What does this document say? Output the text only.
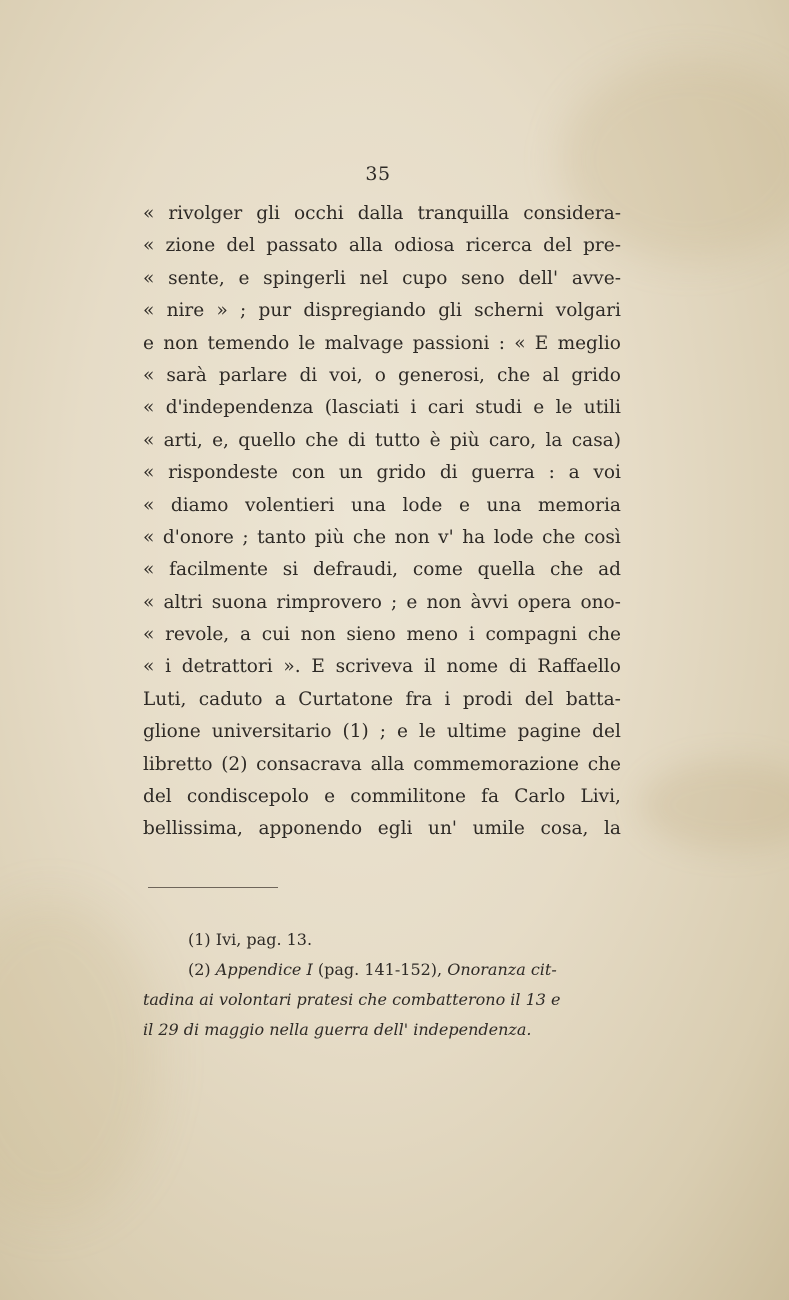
35
« rivolger gli occhi dalla tranquilla considera-
« zione del passato alla odiosa ricerca del pre-
« sente, e spingerli nel cupo seno dell' avve-
« nire » ; pur dispregiando gli scherni volgari
e non temendo le malvage passioni : « E meglio
« sarà parlare di voi, o generosi, che al grido
« d'independenza (lasciati i cari studi e le utili
« arti, e, quello che di tutto è più caro, la casa)
« rispondeste con un grido di guerra : a voi
« diamo volentieri una lode e una memoria
« d'onore ; tanto più che non v' ha lode che così
« facilmente si defraudi, come quella che ad
« altri suona rimprovero ; e non àvvi opera ono-
« revole, a cui non sieno meno i compagni che
« i detrattori ». E scriveva il nome di Raffaello
Luti, caduto a Curtatone fra i prodi del batta-
glione universitario (1) ; e le ultime pagine del
libretto (2) consacrava alla commemorazione che
del condiscepolo e commilitone fa Carlo Livi,
bellissima, apponendo egli un' umile cosa, la
(1) Ivi, pag. 13.
(2) Appendice I (pag. 141-152), Onoranza cit-
tadina ai volontari pratesi che combatterono il 13 e
il 29 di maggio nella guerra dell' independenza.
